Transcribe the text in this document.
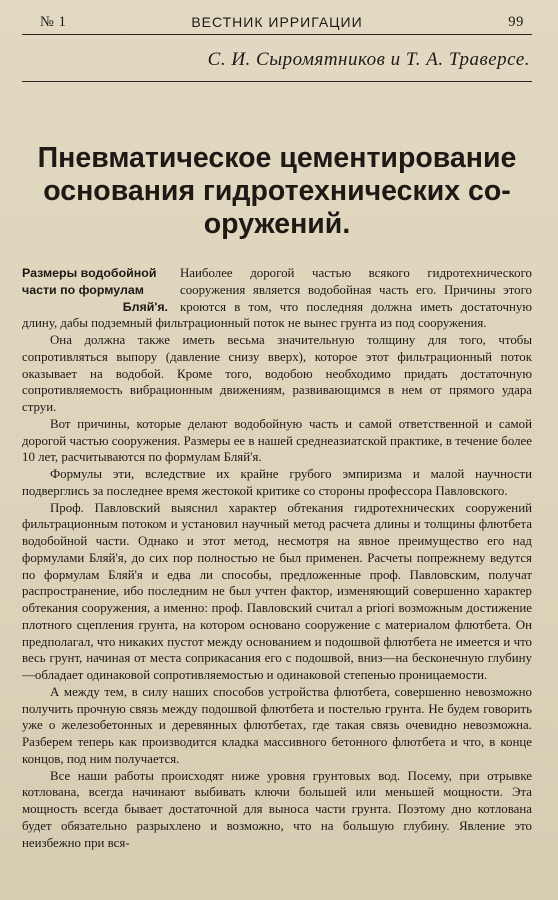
№ 1	ВЕСТНИК ИРРИГАЦИИ	99
С. И. Сыромятников и Т. А. Траверсе.
Пневматическое цементирование
основания гидротехнических со-
оружений.
Размеры водобойной
части по формулам
Бляй'я.

Наиболее дорогой частью всякого гидротехнического сооружения является водобойная часть его. Причины этого кроются в том, что последняя должна иметь достаточную длину, дабы подземный фильтрационный поток не вынес грунта из под сооружения.

Она должна также иметь весьма значительную толщину для того, чтобы сопротивляться выпору (давление снизу вверх), которое этот фильтрационный поток оказывает на водобой. Кроме того, водобою необходимо придать достаточную сопротивляемость вибрационным движениям, развивающимся в нем от прямого удара струи.

Вот причины, которые делают водобойную часть и самой ответственной и самой дорогой частью сооружения. Размеры ее в нашей среднеазиатской практике, в течение более 10 лет, расчитываются по формулам Бляй'я.

Формулы эти, вследствие их крайне грубого эмпиризма и малой научности подверглись за последнее время жестокой критике со стороны профессора Павловского.

Проф. Павловский выяснил характер обтекания гидротехнических сооружений фильтрационным потоком и установил научный метод расчета длины и толщины флютбета водобойной части. Однако и этот метод, несмотря на явное преимущество его над формулами Бляй'я, до сих пор полностью не был применен. Расчеты попрежнему ведутся по формулам Бляй'я и едва ли способы, предложенные проф. Павловским, получат распространение, ибо последним не был учтен фактор, изменяющий совершенно характер обтекания сооружения, а именно: проф. Павловский считал а priori возможным достижение плотного сцепления грунта, на котором основано сооружение с материалом флютбета. Он предполагал, что никаких пустот между основанием и подошвой флютбета не имеется и что весь грунт, начиная от места соприкасания его с подошвой, вниз—на бесконечную глубину—обладает одинаковой сопротивляемостью и одинаковой степенью проницаемости.

А между тем, в силу наших способов устройства флютбета, совершенно невозможно получить прочную связь между подошвой флютбета и постелью грунта. Не будем говорить уже о железобетонных и деревянных флютбетах, где такая связь очевидно невозможна. Разберем теперь как производится кладка массивного бетонного флютбета и что, в конце концов, под ним получается.

Все наши работы происходят ниже уровня грунтовых вод. Посему, при отрывке котлована, всегда начинают выбивать ключи большей или меньшей мощности. Эта мощность всегда бывает достаточной для выноса части грунта. Поэтому дно котлована будет обязательно разрыхлено и возможно, что на большую глубину. Явление это неизбежно при вся-
